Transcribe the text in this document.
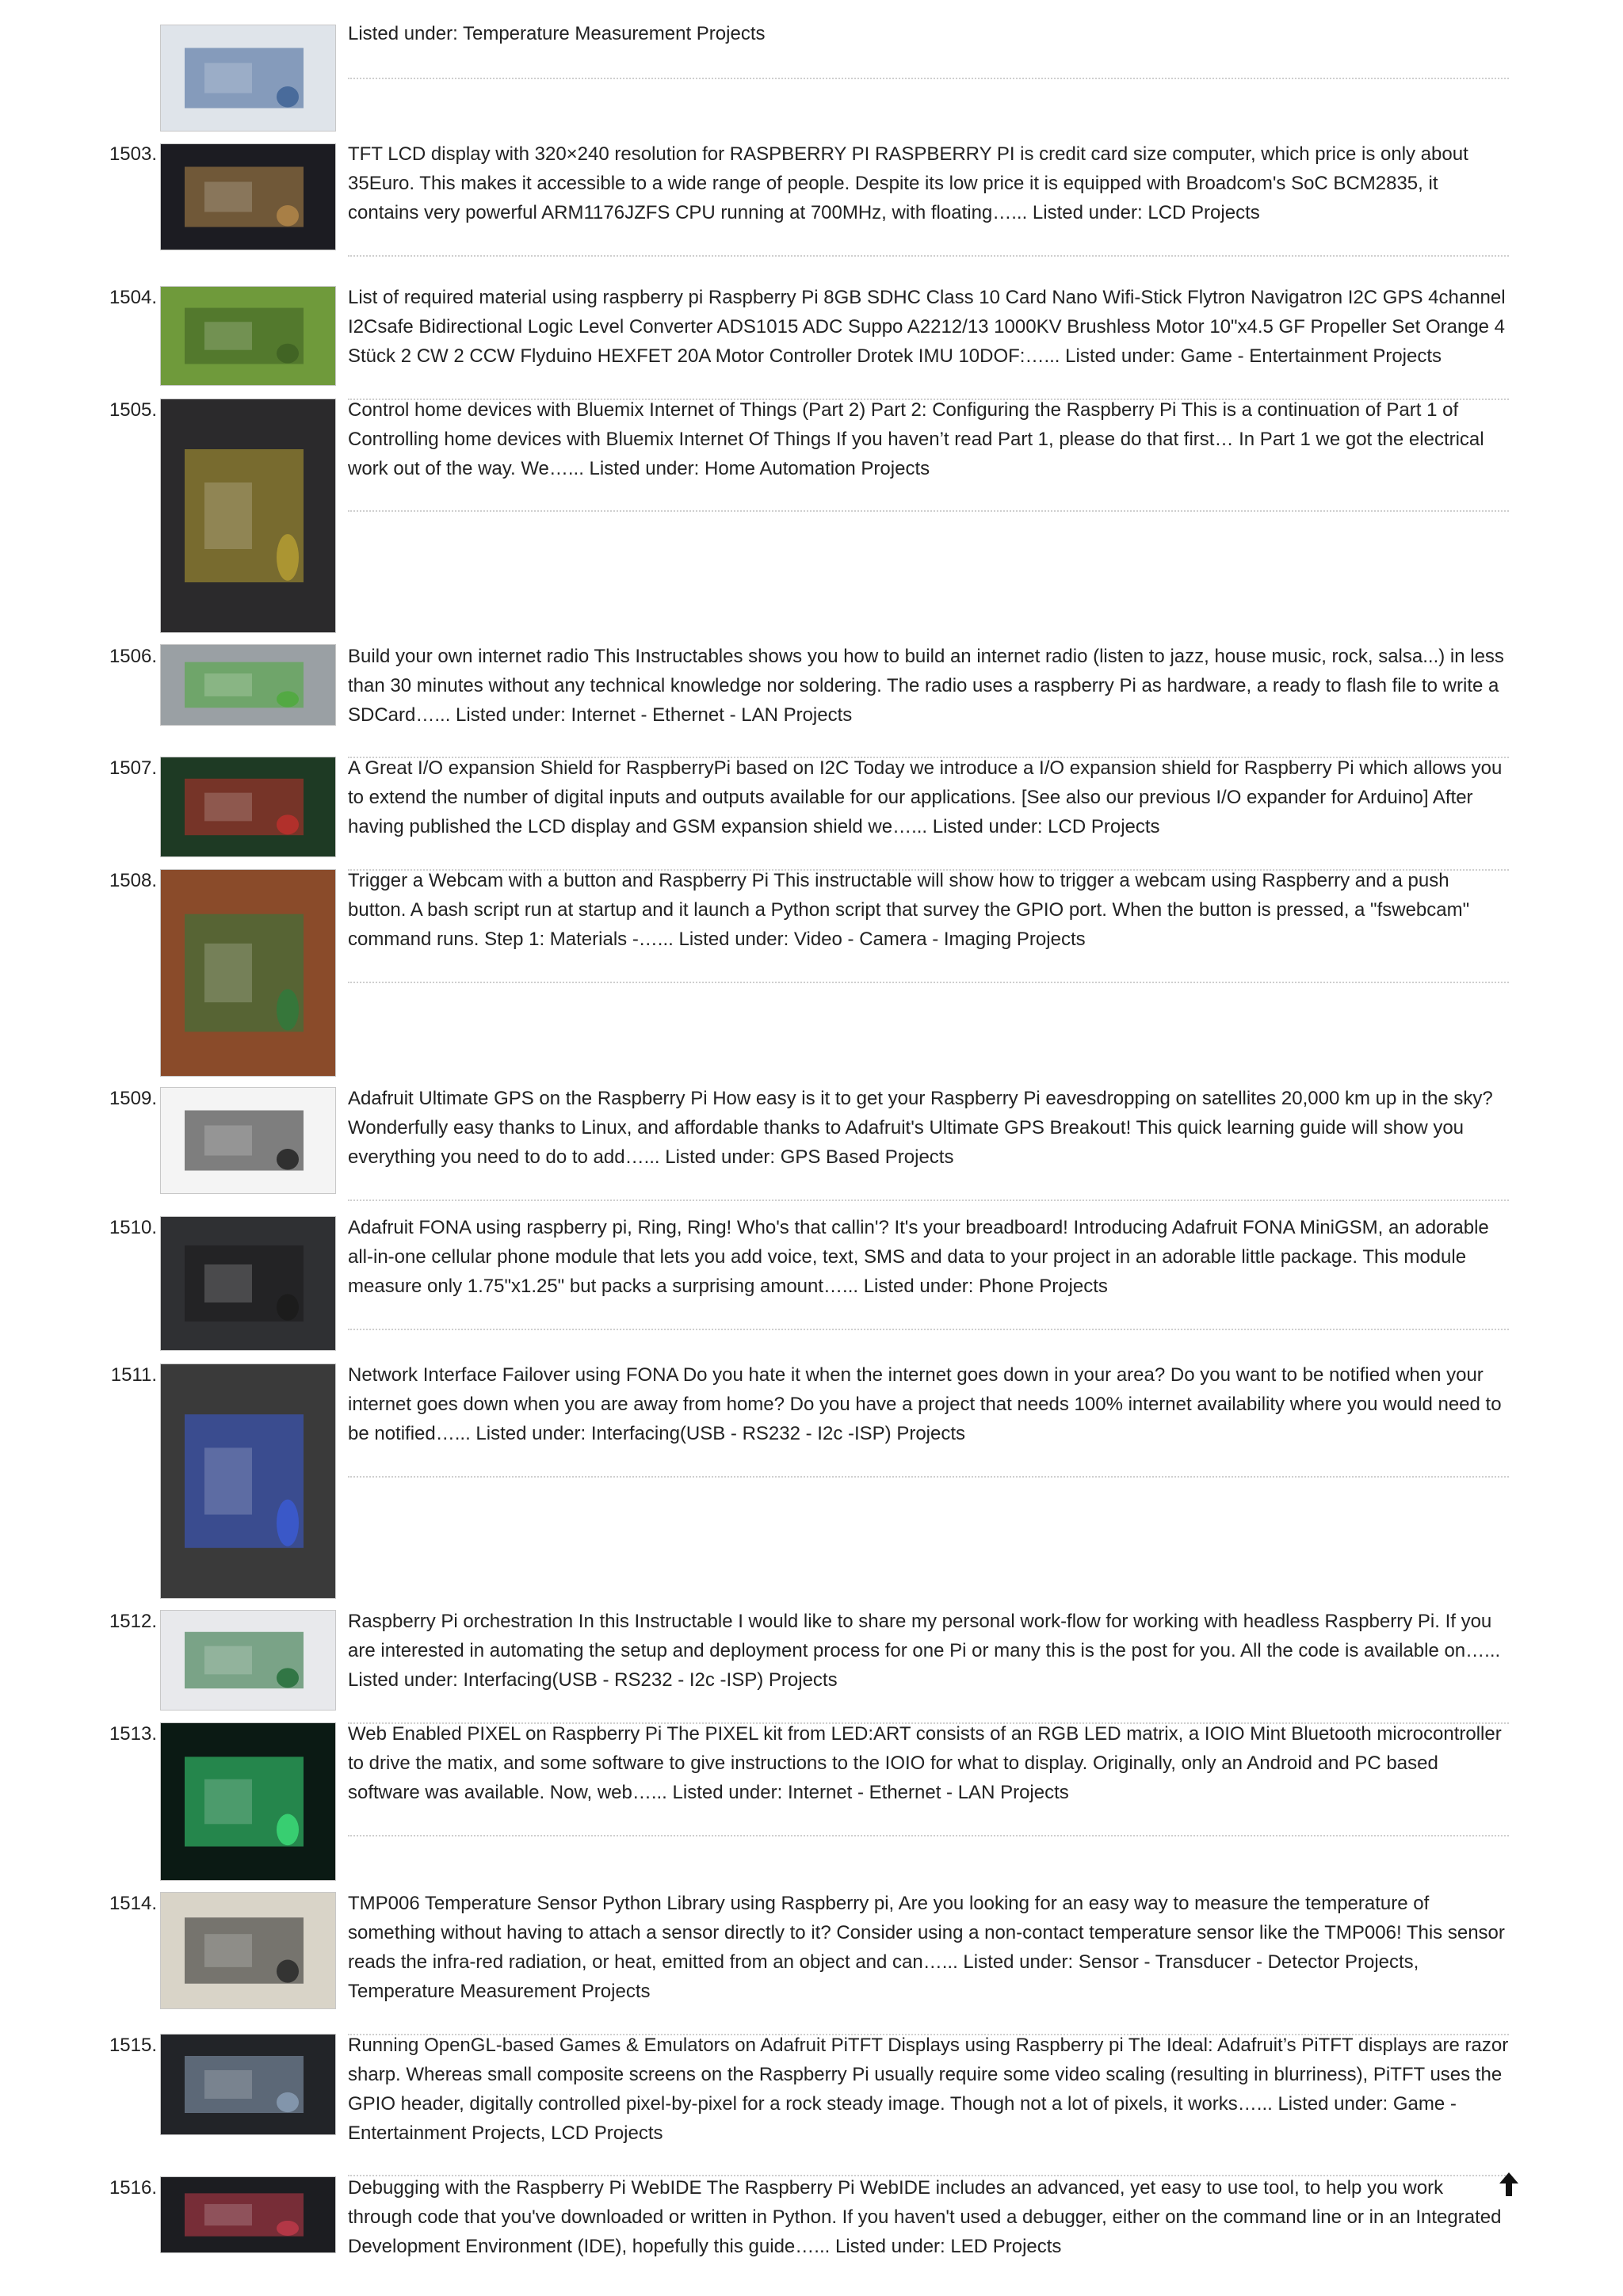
Listed under: Temperature Measurement Projects
1503.	TFT LCD display with 320×240 resolution for RASPBERRY PI RASPBERRY PI is credit card size computer, which price is only about 35Euro. This makes it accessible to a wide range of people. Despite its low price it is equipped with Broadcom's SoC BCM2835, it contains very powerful ARM1176JZFS CPU running at 700MHz, with floating…... Listed under: LCD Projects
1504.	List of required material using raspberry pi Raspberry Pi 8GB SDHC Class 10 Card Nano Wifi-Stick Flytron Navigatron I2C GPS 4channel I2Csafe Bidirectional Logic Level Converter ADS1015 ADC Suppo A2212/13 1000KV Brushless Motor 10"x4.5 GF Propeller Set Orange 4 Stück 2 CW 2 CCW Flyduino HEXFET 20A Motor Controller Drotek IMU 10DOF:…... Listed under: Game - Entertainment Projects
1505.	Control home devices with Bluemix Internet of Things (Part 2) Part 2: Configuring the Raspberry Pi This is a continuation of Part 1 of Controlling home devices with Bluemix Internet Of Things If you haven’t read Part 1, please do that first… In Part 1 we got the electrical work out of the way. We…... Listed under: Home Automation Projects
1506.	Build your own internet radio This Instructables shows you how to build an internet radio (listen to jazz, house music, rock, salsa...) in less than 30 minutes without any technical knowledge nor soldering. The radio uses a raspberry Pi as hardware, a ready to flash file to write a SDCard…... Listed under: Internet - Ethernet - LAN Projects
1507.	A Great I/O expansion Shield for RaspberryPi based on I2C Today we introduce a I/O expansion shield for Raspberry Pi which allows you to extend the number of digital inputs and outputs available for our applications. [See also our previous I/O expander for Arduino] After having published the LCD display and GSM expansion shield we…... Listed under: LCD Projects
1508.	Trigger a Webcam with a button and Raspberry Pi This instructable will show how to trigger a webcam using Raspberry and a push button. A bash script run at startup and it launch a Python script that survey the GPIO port. When the button is pressed, a "fswebcam" command runs. Step 1: Materials -…... Listed under: Video - Camera - Imaging Projects
1509.	Adafruit Ultimate GPS on the Raspberry Pi How easy is it to get your Raspberry Pi eavesdropping on satellites 20,000 km up in the sky? Wonderfully easy thanks to Linux, and affordable thanks to Adafruit's Ultimate GPS Breakout! This quick learning guide will show you everything you need to do to add…... Listed under: GPS Based Projects
1510.	Adafruit FONA using raspberry pi, Ring, Ring! Who's that callin'? It's your breadboard! Introducing Adafruit FONA MiniGSM, an adorable all-in-one cellular phone module that lets you add voice, text, SMS and data to your project in an adorable little package. This module measure only 1.75"x1.25" but packs a surprising amount…... Listed under: Phone Projects
1511.	Network Interface Failover using FONA Do you hate it when the internet goes down in your area? Do you want to be notified when your internet goes down when you are away from home? Do you have a project that needs 100% internet availability where you would need to be notified…... Listed under: Interfacing(USB - RS232 - I2c -ISP) Projects
1512.	Raspberry Pi orchestration In this Instructable I would like to share my personal work-flow for working with headless Raspberry Pi. If you are interested in automating the setup and deployment process for one Pi or many this is the post for you. All the code is available on…... Listed under: Interfacing(USB - RS232 - I2c -ISP) Projects
1513.	Web Enabled PIXEL on Raspberry Pi The PIXEL kit from LED:ART consists of an RGB LED matrix, a IOIO Mint Bluetooth microcontroller to drive the matix, and some software to give instructions to the IOIO for what to display. Originally, only an Android and PC based software was available. Now, web…... Listed under: Internet - Ethernet - LAN Projects
1514.	TMP006 Temperature Sensor Python Library using Raspberry pi, Are you looking for an easy way to measure the temperature of something without having to attach a sensor directly to it? Consider using a non-contact temperature sensor like the TMP006! This sensor reads the infra-red radiation, or heat, emitted from an object and can…... Listed under: Sensor - Transducer - Detector Projects, Temperature Measurement Projects
1515.	Running OpenGL-based Games & Emulators on Adafruit PiTFT Displays using Raspberry pi The Ideal: Adafruit’s PiTFT displays are razor sharp. Whereas small composite screens on the Raspberry Pi usually require some video scaling (resulting in blurriness), PiTFT uses the GPIO header, digitally controlled pixel-by-pixel for a rock steady image. Though not a lot of pixels, it works…... Listed under: Game - Entertainment Projects, LCD Projects
1516.	Debugging with the Raspberry Pi WebIDE The Raspberry Pi WebIDE includes an advanced, yet easy to use tool, to help you work through code that you've downloaded or written in Python. If you haven't used a debugger, either on the command line or in an Integrated Development Environment (IDE), hopefully this guide…... Listed under: LED Projects
